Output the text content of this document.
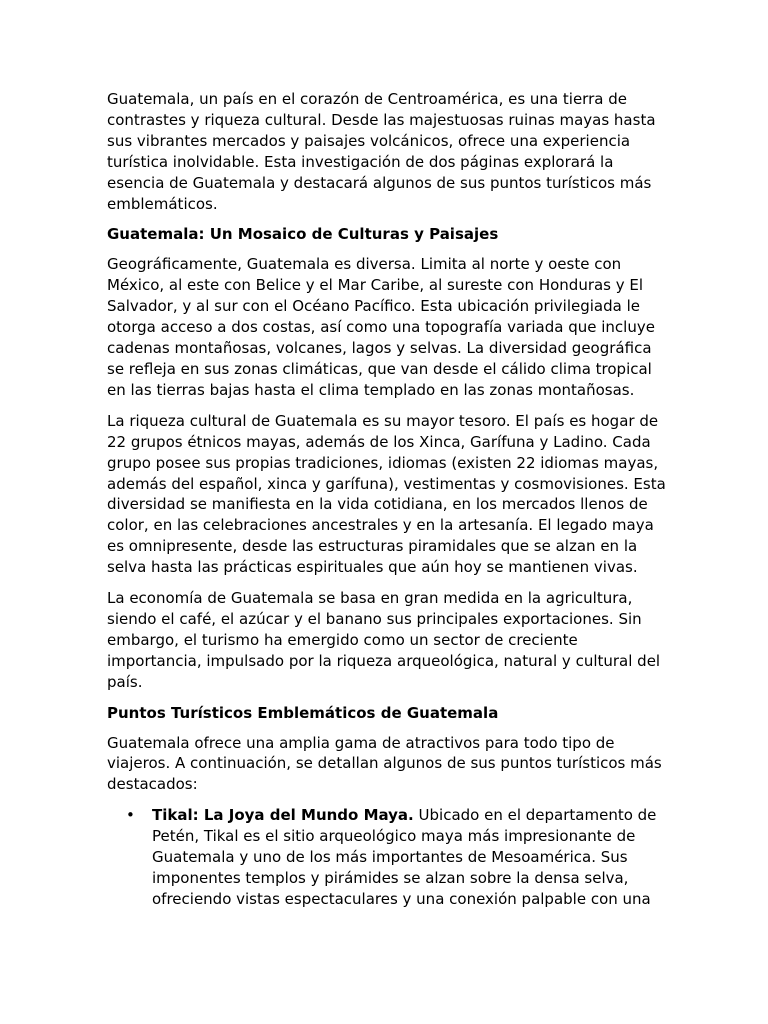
Guatemala, un país en el corazón de Centroamérica, es una tierra de contrastes y riqueza cultural. Desde las majestuosas ruinas mayas hasta sus vibrantes mercados y paisajes volcánicos, ofrece una experiencia turística inolvidable. Esta investigación de dos páginas explorará la esencia de Guatemala y destacará algunos de sus puntos turísticos más emblemáticos.

Guatemala: Un Mosaico de Culturas y Paisajes

Geográficamente, Guatemala es diversa. Limita al norte y oeste con México, al este con Belice y el Mar Caribe, al sureste con Honduras y El Salvador, y al sur con el Océano Pacífico. Esta ubicación privilegiada le otorga acceso a dos costas, así como una topografía variada que incluye cadenas montañosas, volcanes, lagos y selvas. La diversidad geográfica se refleja en sus zonas climáticas, que van desde el cálido clima tropical en las tierras bajas hasta el clima templado en las zonas montañosas.

La riqueza cultural de Guatemala es su mayor tesoro. El país es hogar de 22 grupos étnicos mayas, además de los Xinca, Garífuna y Ladino. Cada grupo posee sus propias tradiciones, idiomas (existen 22 idiomas mayas, además del español, xinca y garífuna), vestimentas y cosmovisiones. Esta diversidad se manifiesta en la vida cotidiana, en los mercados llenos de color, en las celebraciones ancestrales y en la artesanía. El legado maya es omnipresente, desde las estructuras piramidales que se alzan en la selva hasta las prácticas espirituales que aún hoy se mantienen vivas.

La economía de Guatemala se basa en gran medida en la agricultura, siendo el café, el azúcar y el banano sus principales exportaciones. Sin embargo, el turismo ha emergido como un sector de creciente importancia, impulsado por la riqueza arqueológica, natural y cultural del país.

Puntos Turísticos Emblemáticos de Guatemala

Guatemala ofrece una amplia gama de atractivos para todo tipo de viajeros. A continuación, se detallan algunos de sus puntos turísticos más destacados:

• Tikal: La Joya del Mundo Maya. Ubicado en el departamento de Petén, Tikal es el sitio arqueológico maya más impresionante de Guatemala y uno de los más importantes de Mesoamérica. Sus imponentes templos y pirámides se alzan sobre la densa selva, ofreciendo vistas espectaculares y una conexión palpable con una
